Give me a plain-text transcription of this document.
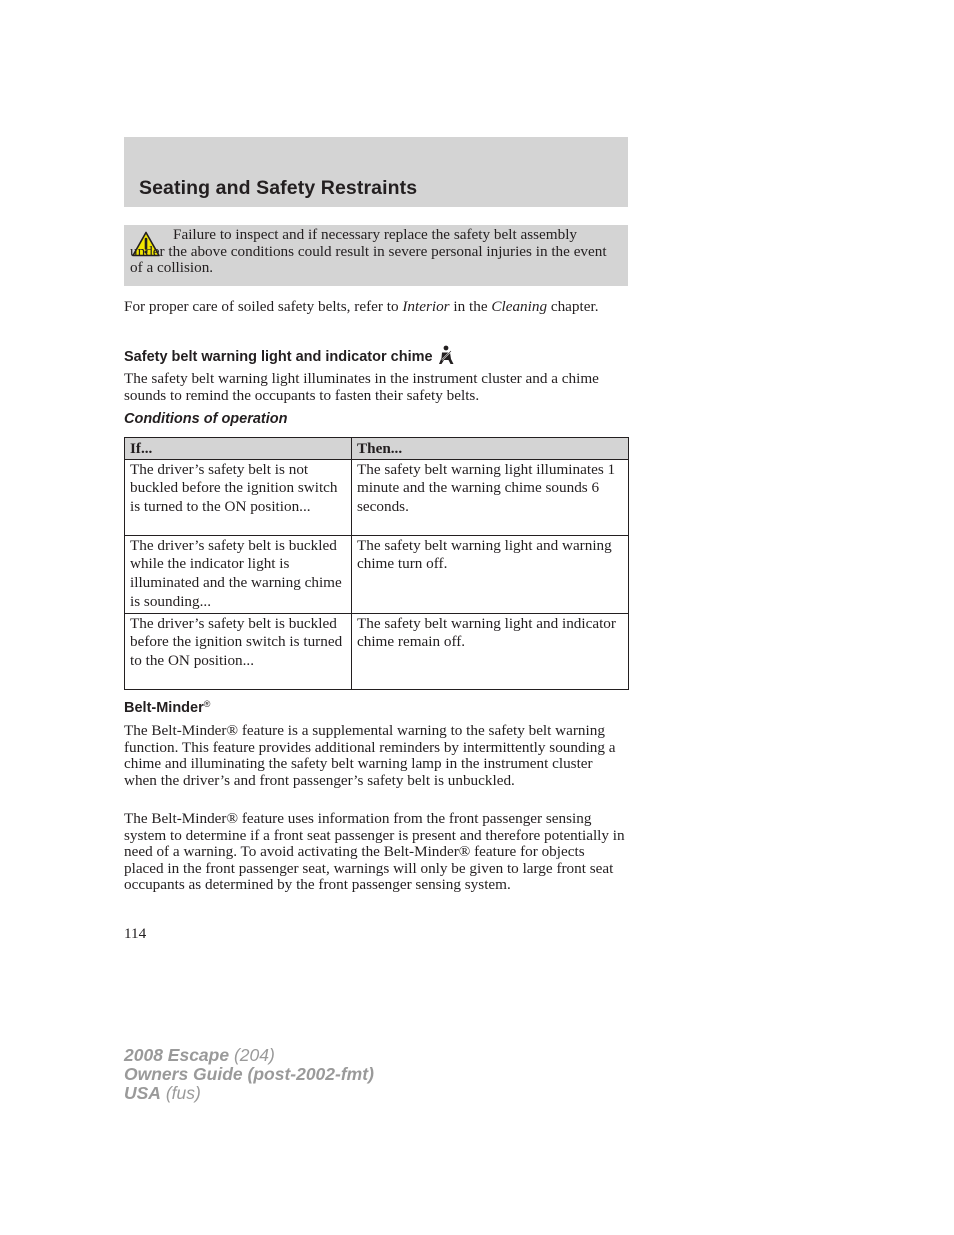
Seating and Safety Restraints

Failure to inspect and if necessary replace the safety belt assembly under the above conditions could result in severe personal injuries in the event of a collision.

For proper care of soiled safety belts, refer to Interior in the Cleaning chapter.

Safety belt warning light and indicator chime

The safety belt warning light illuminates in the instrument cluster and a chime sounds to remind the occupants to fasten their safety belts.

Conditions of operation
If...	Then...
The driver’s safety belt is not buckled before the ignition switch is turned to the ON position...	The safety belt warning light illuminates 1 minute and the warning chime sounds 6 seconds.
The driver’s safety belt is buckled while the indicator light is illuminated and the warning chime is sounding...	The safety belt warning light and warning chime turn off.
The driver’s safety belt is buckled before the ignition switch is turned to the ON position...	The safety belt warning light and indicator chime remain off.
Belt-Minder®

The Belt-Minder® feature is a supplemental warning to the safety belt warning function. This feature provides additional reminders by intermittently sounding a chime and illuminating the safety belt warning lamp in the instrument cluster when the driver’s and front passenger’s safety belt is unbuckled.

The Belt-Minder® feature uses information from the front passenger sensing system to determine if a front seat passenger is present and therefore potentially in need of a warning. To avoid activating the Belt-Minder® feature for objects placed in the front passenger seat, warnings will only be given to large front seat occupants as determined by the front passenger sensing system.

114

2008 Escape (204)
Owners Guide (post-2002-fmt)
USA (fus)
